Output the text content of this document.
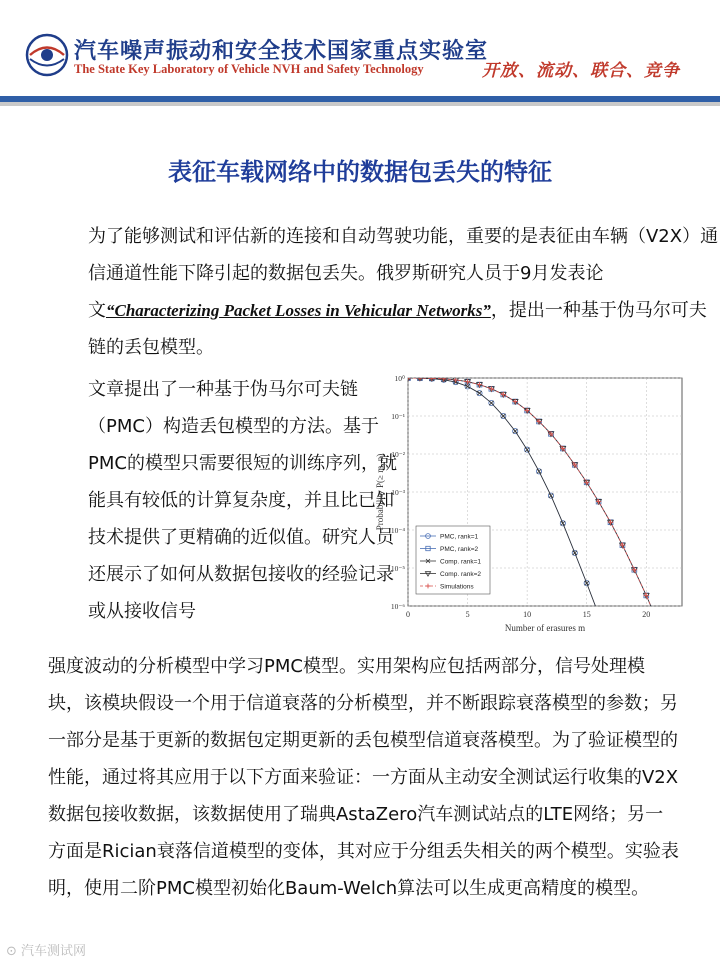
汽车噪声振动和安全技术国家重点实验室
The State Key Laboratory of Vehicle NVH and Safety Technology	开放、流动、联合、竞争
表征车载网络中的数据包丢失的特征

为了能够测试和评估新的连接和自动驾驶功能，重要的是表征由车辆（V2X）通信通道性能下降引起的数据包丢失。俄罗斯研究人员于9月发表论文“Characterizing Packet Losses in Vehicular Networks”，提出一种基于伪马尔可夫链的丢包模型。

文章提出了一种基于伪马尔可夫链（PMC）构造丢包模型的方法。基于PMC的模型只需要很短的训练序列，就能具有较低的计算复杂度，并且比已知技术提供了更精确的近似值。研究人员还展示了如何从数据包接收的经验记录或从接收信号

10⁰
10⁻¹
10⁻²
10⁻³
10⁻⁴
10⁻⁵
10⁻⁶
0	5	10	15	20
Number of erasures m
Probability P(≥ m, n)
PMC, rank=1
PMC, rank=2
Comp. rank=1
Comp. rank=2
Simulations

强度波动的分析模型中学习PMC模型。实用架构应包括两部分，信号处理模块，该模块假设一个用于信道衰落的分析模型，并不断跟踪衰落模型的参数；另一部分是基于更新的数据包定期更新的丢包模型信道衰落模型。为了验证模型的性能，通过将其应用于以下方面来验证：一方面从主动安全测试运行收集的V2X数据包接收数据，该数据使用了瑞典AstaZero汽车测试站点的LTE网络；另一方面是Rician衰落信道模型的变体，其对应于分组丢失相关的两个模型。实验表明，使用二阶PMC模型初始化Baum-Welch算法可以生成更高精度的模型。

⊙ 汽车测试网
